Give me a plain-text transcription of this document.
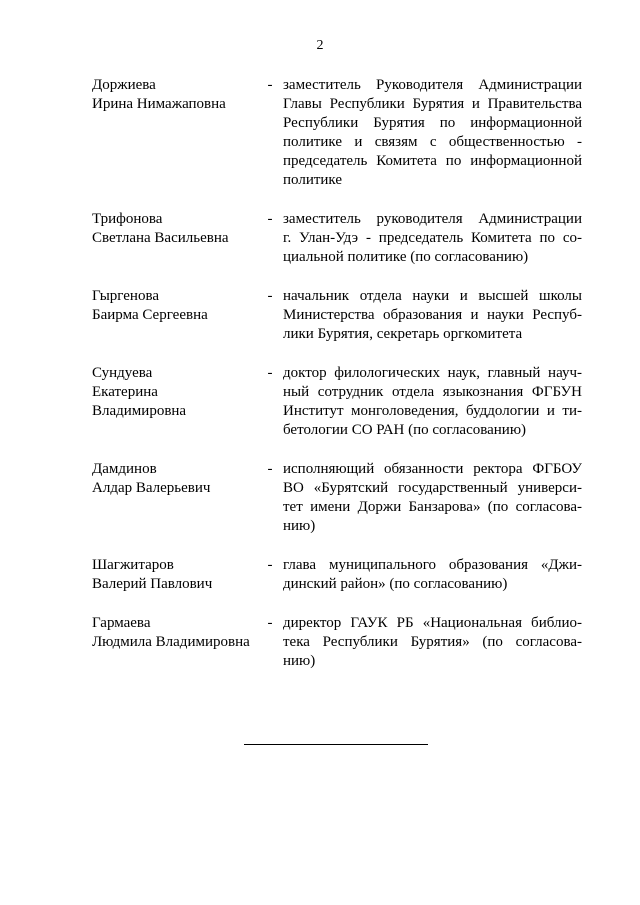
2
Доржиева
Ирина Нимажаповна
- заместитель Руководителя Администрации
Главы Республики Бурятия и Правительства
Республики Бурятия по информационной
политике и связям с общественностью -
председатель Комитета по информационной
политике
Трифонова
Светлана Васильевна
- заместитель руководителя Администрации
г. Улан-Удэ - председатель Комитета по со-
циальной политике (по согласованию)
Гыргенова
Баирма Сергеевна
- начальник отдела науки и высшей школы
Министерства образования и науки Респуб-
лики Бурятия, секретарь оргкомитета
Сундуева
Екатерина
Владимировна
- доктор филологических наук, главный науч-
ный сотрудник отдела языкознания ФГБУН
Институт монголоведения, буддологии и ти-
бетологии СО РАН (по согласованию)
Дамдинов
Алдар Валерьевич
- исполняющий обязанности ректора ФГБОУ
ВО «Бурятский государственный универси-
тет имени Доржи Банзарова» (по согласова-
нию)
Шагжитаров
Валерий Павлович
- глава муниципального образования «Джи-
динский район» (по согласованию)
Гармаева
Людмила Владимировна
- директор ГАУК РБ «Национальная библио-
тека Республики Бурятия» (по согласова-
нию)
